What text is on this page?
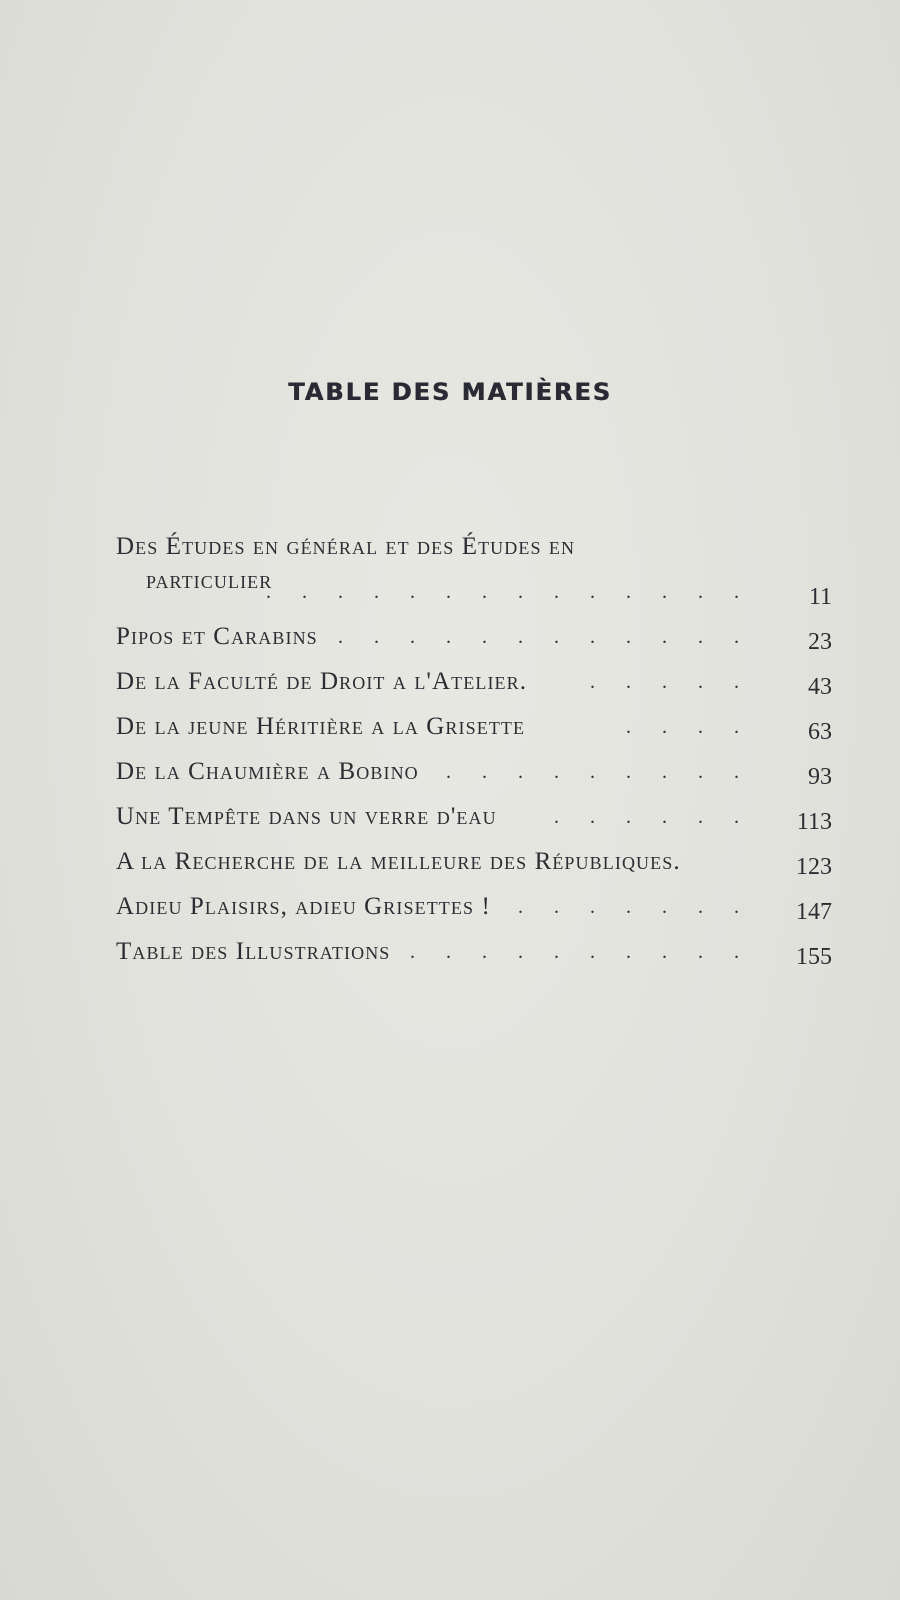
TABLE DES MATIÈRES
Des Études en général et des Études en
particulier
. . . . . . . . . . . . . .	11
Pipos et Carabins	. . . . . . . . . . . .	23
De la Faculté de Droit a l'Atelier.	. . . . .	43
De la jeune Héritière a la Grisette	. . . .	63
De la Chaumière a Bobino	. . . . . . . . .	93
Une Tempête dans un verre d'eau	. . . . . .	113
A la Recherche de la meilleure des Républiques.	123
Adieu Plaisirs, adieu Grisettes !	. . . . . . .	147
Table des Illustrations . . . . . . . . . .	155
